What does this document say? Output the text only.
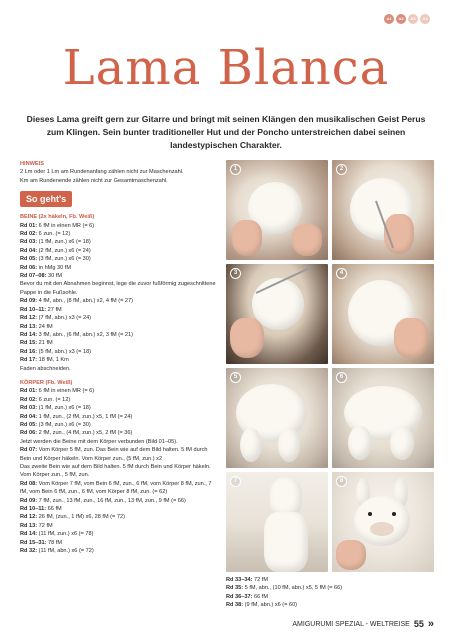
A1	A2	A3	A4
Lama Blanca

Dieses Lama greift gern zur Gitarre und bringt mit seinen Klängen den musikalischen Geist Perus zum Klingen. Sein bunter traditioneller Hut und der Poncho unterstreichen dabei seinen landestypischen Charakter.

HINWEIS

2 Lm oder 1 Lm am Rundenanfang zählen nicht zur Maschenzahl.

Km am Rundenende zählen nicht zur Gesamtmaschenzahl.

So geht's
BEINE (2x häkeln, Fb. Weiß)
Rd 01: 6 fM in einen MR (= 6)
Rd 02: 6 zun. (= 12)
Rd 03: (1 fM, zun.) x6 (= 18)
Rd 04: (2 fM, zun.) x6 (= 24)
Rd 05: (3 fM, zun.) x6 (= 30)
Rd 06: in hMg 30 fM
Rd 07–08: 30 fM
Bevor du mit den Abnahmen beginnst, lege die zuvor fußförmig zugeschnittene Pappe in die Fußsohle.
Rd 09: 4 fM, abn., (8 fM, abn.) x2, 4 fM (= 27)
Rd 10–11: 27 fM
Rd 12: (7 fM, abn.) x3 (= 24)
Rd 13: 24 fM
Rd 14: 3 fM, abn., (6 fM, abn.) x2, 3 fM (= 21)
Rd 15: 21 fM
Rd 16: (5 fM, abn.) x3 (= 18)
Rd 17: 18 fM, 1 Km
Faden abschneiden.
KÖRPER (Fb. Weiß)
Rd 01: 6 fM in einen MR (= 6)
Rd 02: 6 zun. (= 12)
Rd 03: (1 fM, zun.) x6 (= 18)
Rd 04: 1 fM, zun., (2 fM, zun.) x5, 1 fM (= 24)
Rd 05: (3 fM, zun.) x6 (= 30)
Rd 06: 2 fM, zun., (4 fM, zun.) x5, 2 fM (= 36)
Jetzt werden die Beine mit dem Körper verbunden (Bild 01–05).
Rd 07: Vom Körper 5 fM, zun. Das Bein wie auf dem Bild halten. 5 fM durch Bein und Körper häkeln. Vom Körper zun., (5 fM, zun.) x2
Das zweite Bein wie auf dem Bild halten. 5 fM durch Bein und Körper häkeln. Vom Körper zun., 5 fM, zun.
Rd 08: Vom Körper 7 fM, vom Bein 6 fM, zun., 6 fM, vom Körper 8 fM, zun., 7 fM, vom Bein 6 fM, zun., 6 fM, vom Körper 8 fM, zun. (= 62)
Rd 09: 7 fM, zun., 13 fM, zun., 16 fM, zun., 13 fM, zun., 9 fM (= 66)
Rd 10–11: 66 fM
Rd 12: 26 fM, (zun., 1 fM) x6, 28 fM (= 72)
Rd 13: 72 fM
Rd 14: (11 fM, zun.) x6 (= 78)
Rd 15–31: 78 fM
Rd 32: (11 fM, abn.) x6 (= 72)
1	2
3	4
5	6
7	8
Rd 33–34: 72 fM
Rd 35: 5 fM, abn., (10 fM, abn.) x5, 5 fM (= 66)
Rd 36–37: 66 fM
Rd 38: (9 fM, abn.) x6 (= 60)
AMIGURUMI SPEZIAL - WELTREISE 55 »
